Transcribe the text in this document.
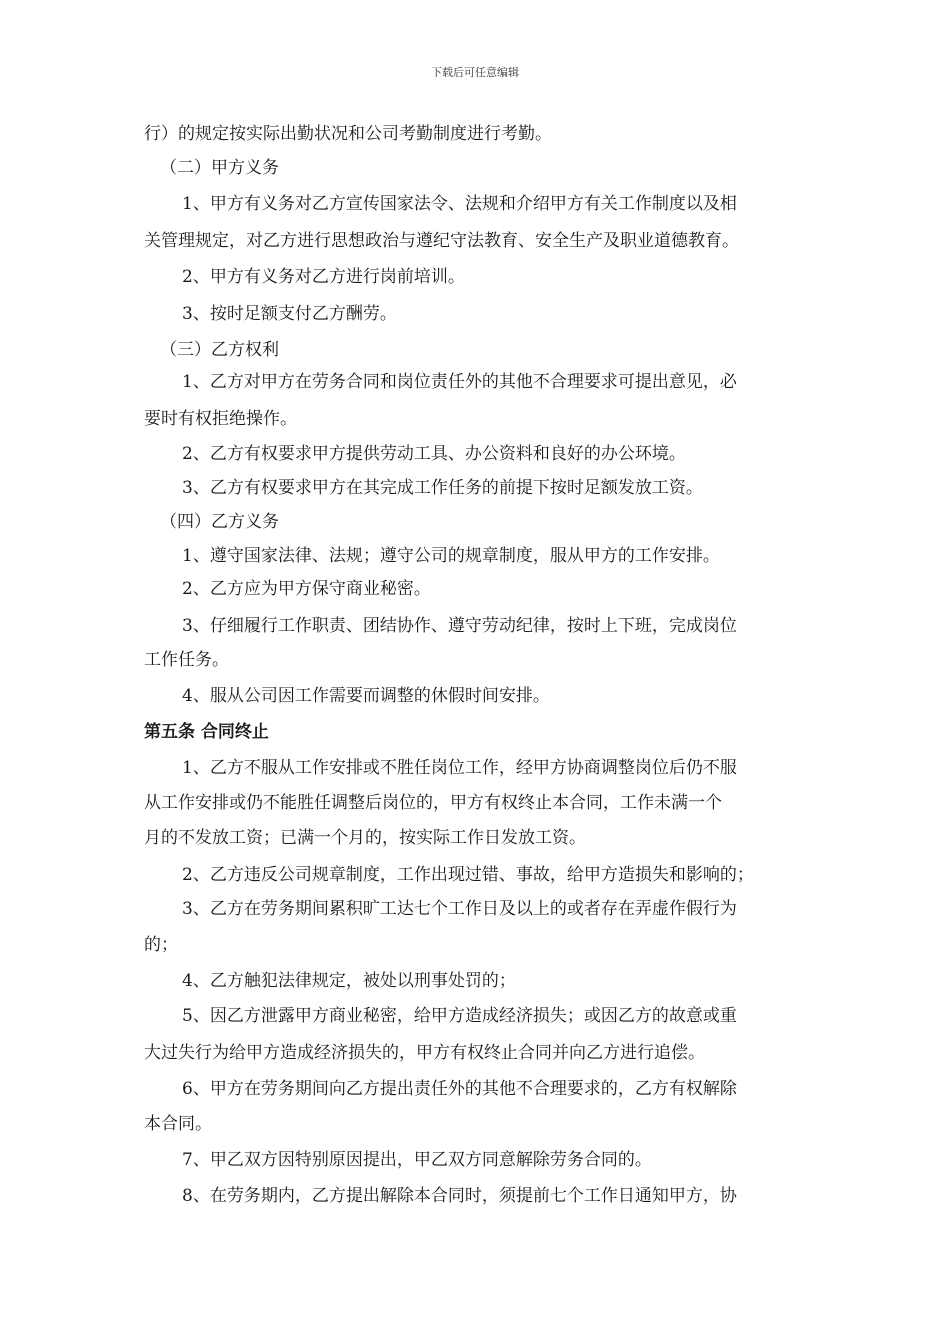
下载后可任意编辑
行）的规定按实际出勤状况和公司考勤制度进行考勤。
（二）甲方义务
1、甲方有义务对乙方宣传国家法令、法规和介绍甲方有关工作制度以及相
关管理规定，对乙方进行思想政治与遵纪守法教育、安全生产及职业道德教育。
2、甲方有义务对乙方进行岗前培训。
3、按时足额支付乙方酬劳。
（三）乙方权利
1、乙方对甲方在劳务合同和岗位责任外的其他不合理要求可提出意见，必
要时有权拒绝操作。
2、乙方有权要求甲方提供劳动工具、办公资料和良好的办公环境。
3、乙方有权要求甲方在其完成工作任务的前提下按时足额发放工资。
（四）乙方义务
1、遵守国家法律、法规；遵守公司的规章制度，服从甲方的工作安排。
2、乙方应为甲方保守商业秘密。
3、仔细履行工作职责、团结协作、遵守劳动纪律，按时上下班，完成岗位
工作任务。
4、服从公司因工作需要而调整的休假时间安排。
第五条 合同终止
1、乙方不服从工作安排或不胜任岗位工作，经甲方协商调整岗位后仍不服
从工作安排或仍不能胜任调整后岗位的，甲方有权终止本合同，工作未满一个
月的不发放工资；已满一个月的，按实际工作日发放工资。
2、乙方违反公司规章制度，工作出现过错、事故，给甲方造损失和影响的；
3、乙方在劳务期间累积旷工达七个工作日及以上的或者存在弄虚作假行为
的；
4、乙方触犯法律规定，被处以刑事处罚的；
5、因乙方泄露甲方商业秘密，给甲方造成经济损失；或因乙方的故意或重
大过失行为给甲方造成经济损失的，甲方有权终止合同并向乙方进行追偿。
6、甲方在劳务期间向乙方提出责任外的其他不合理要求的，乙方有权解除
本合同。
7、甲乙双方因特别原因提出，甲乙双方同意解除劳务合同的。
8、在劳务期内，乙方提出解除本合同时，须提前七个工作日通知甲方，协
